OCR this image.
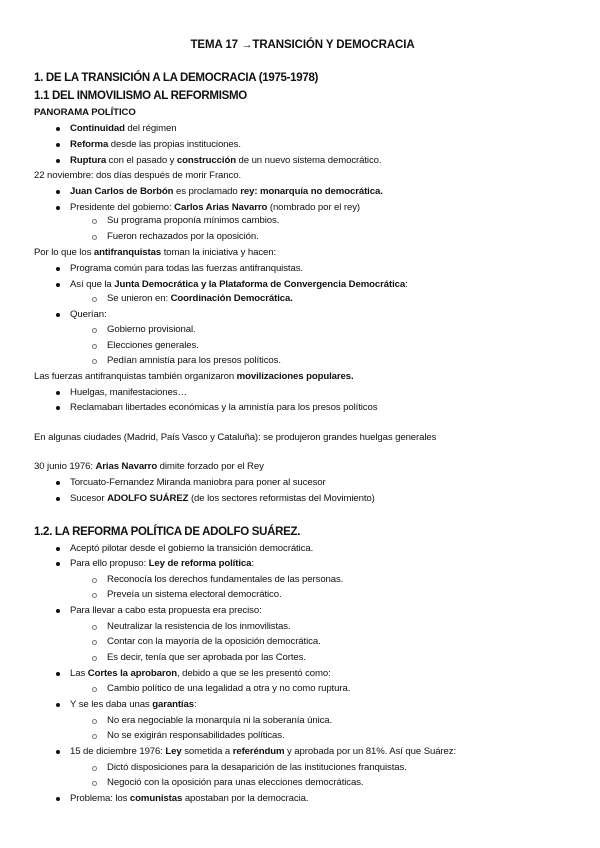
TEMA 17 →TRANSICIÓN Y DEMOCRACIA
1. DE LA TRANSICIÓN A LA DEMOCRACIA (1975-1978)
1.1 DEL INMOVILISMO AL REFORMISMO
PANORAMA POLÍTICO
Continuidad del régimen
Reforma desde las propias instituciones.
Ruptura con el pasado y construcción de un nuevo sistema democrático.
22 noviembre: dos días después de morir Franco.
Juan Carlos de Borbón es proclamado rey: monarquía no democrática.
Presidente del gobierno: Carlos Arias Navarro (nombrado por el rey)
Su programa proponía mínimos cambios.
Fueron rechazados por la oposición.
Por lo que los antifranquistas toman la iniciativa y hacen:
Programa común para todas las fuerzas antifranquistas.
Así que la Junta Democrática y la Plataforma de Convergencia Democrática:
Se unieron en: Coordinación Democrática.
Querían:
Gobierno provisional.
Elecciones generales.
Pedían amnistía para los presos políticos.
Las fuerzas antifranquistas también organizaron movilizaciones populares.
Huelgas, manifestaciones…
Reclamaban libertades económicas y la amnistía para los presos políticos
En algunas ciudades (Madrid, País Vasco y Cataluña): se produjeron grandes huelgas generales
30 junio 1976: Arias Navarro dimite forzado por el Rey
Torcuato-Fernandez Miranda maniobra para poner al sucesor
Sucesor ADOLFO SUÁREZ (de los sectores reformistas del Movimiento)
1.2. LA REFORMA POLÍTICA DE ADOLFO SUÁREZ.
Aceptó pilotar desde el gobierno la transición democrática.
Para ello propuso: Ley de reforma política:
Reconocía los derechos fundamentales de las personas.
Preveía un sistema electoral democrático.
Para llevar a cabo esta propuesta era preciso:
Neutralizar la resistencia de los inmovilistas.
Contar con la mayoría de la oposición democrática.
Es decir, tenía que ser aprobada por las Cortes.
Las Cortes la aprobaron, debido a que se les presentó como:
Cambio político de una legalidad a otra y no como ruptura.
Y se les daba unas garantías:
No era negociable la monarquía ni la soberanía única.
No se exigirán responsabilidades políticas.
15 de diciembre 1976: Ley sometida a referéndum y aprobada por un 81%. Así que Suárez:
Dictó disposiciones para la desaparición de las instituciones franquistas.
Negoció con la oposición para unas elecciones democráticas.
Problema: los comunistas apostaban por la democracia.
